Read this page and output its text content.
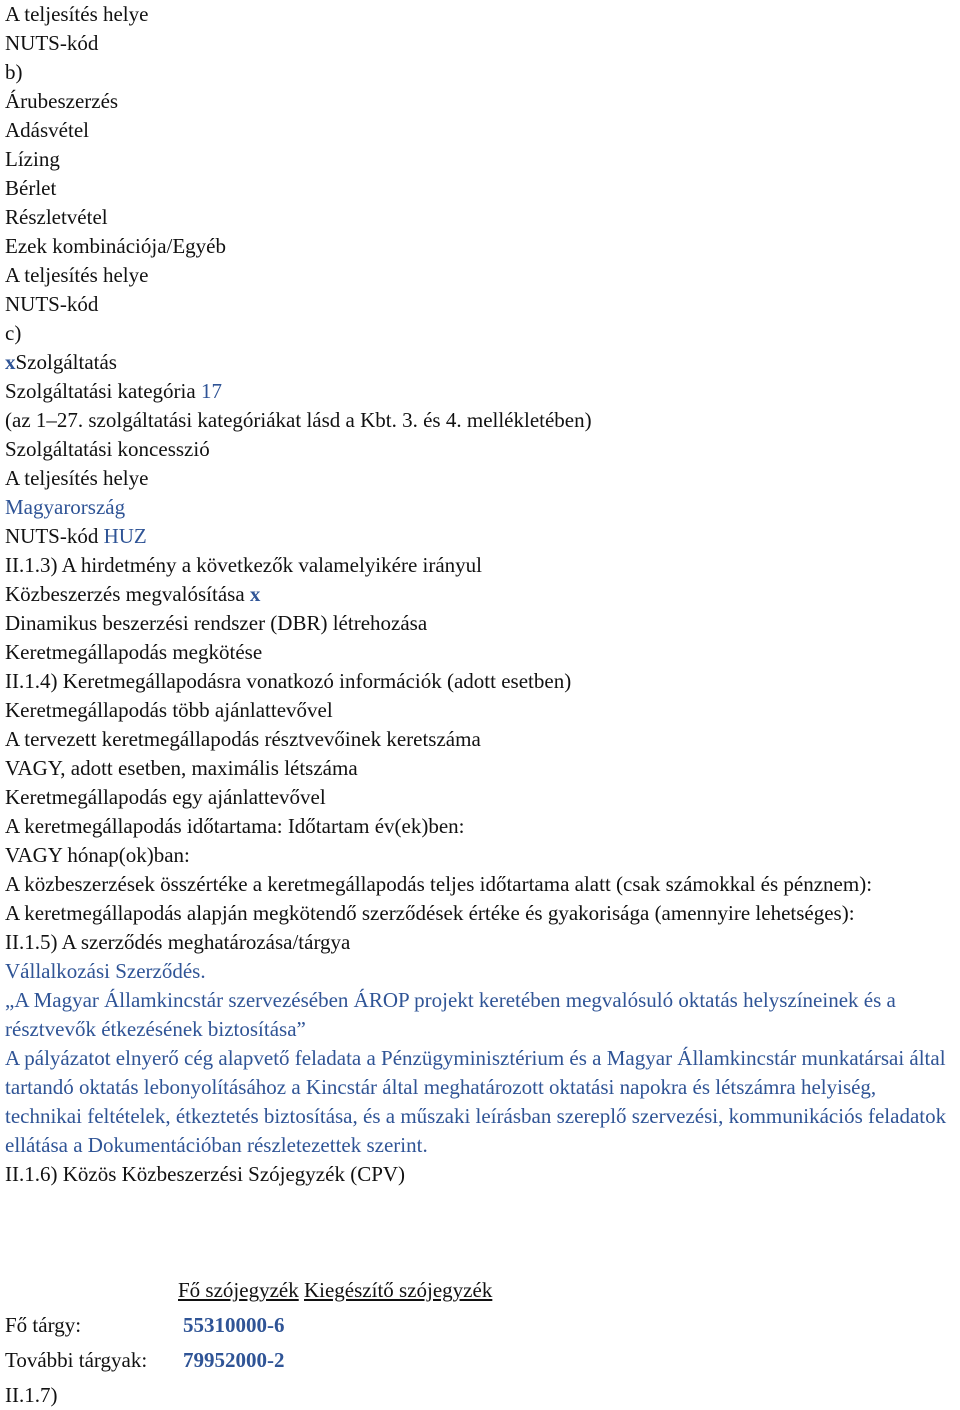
A teljesítés helye
NUTS-kód
b)
Árubeszerzés
Adásvétel
Lízing
Bérlet
Részletvétel
Ezek kombinációja/Egyéb
A teljesítés helye
NUTS-kód
c)
xSzolgáltatás
Szolgáltatási kategória 17
(az 1–27. szolgáltatási kategóriákat lásd a Kbt. 3. és 4. mellékletében)
Szolgáltatási koncesszió
A teljesítés helye
Magyarország
NUTS-kód HUZ
II.1.3) A hirdetmény a következők valamelyikére irányul
Közbeszerzés megvalósítása x
Dinamikus beszerzési rendszer (DBR) létrehozása
Keretmegállapodás megkötése
II.1.4) Keretmegállapodásra vonatkozó információk (adott esetben)
Keretmegállapodás több ajánlattevővel
A tervezett keretmegállapodás résztvevőinek keretszáma
VAGY, adott esetben, maximális létszáma
Keretmegállapodás egy ajánlattevővel
A keretmegállapodás időtartama: Időtartam év(ek)ben:
VAGY hónap(ok)ban:
A közbeszerzések összértéke a keretmegállapodás teljes időtartama alatt (csak számokkal és pénznem):
A keretmegállapodás alapján megkötendő szerződések értéke és gyakorisága (amennyire lehetséges):
II.1.5) A szerződés meghatározása/tárgya
Vállalkozási Szerződés.
„A Magyar Államkincstár szervezésében ÁROP projekt keretében megvalósuló oktatás helyszíneinek és a résztvevők étkezésének biztosítása”
A pályázatot elnyerő cég alapvető feladata a Pénzügyminisztérium és a Magyar Államkincstár munkatársai által tartandó oktatás lebonyolításához a Kincstár által meghatározott oktatási napokra és létszámra helyiség, technikai feltételek, étkeztetés biztosítása, és a műszaki leírásban szereplő szervezési, kommunikációs feladatok ellátása a Dokumentációban részletezettek szerint.
II.1.6) Közös Közbeszerzési Szójegyzék (CPV)
Fő szójegyzék Kiegészítő szójegyzék
Fő tárgy:	55310000-6
További tárgyak: 79952000-2
II.1.7)
